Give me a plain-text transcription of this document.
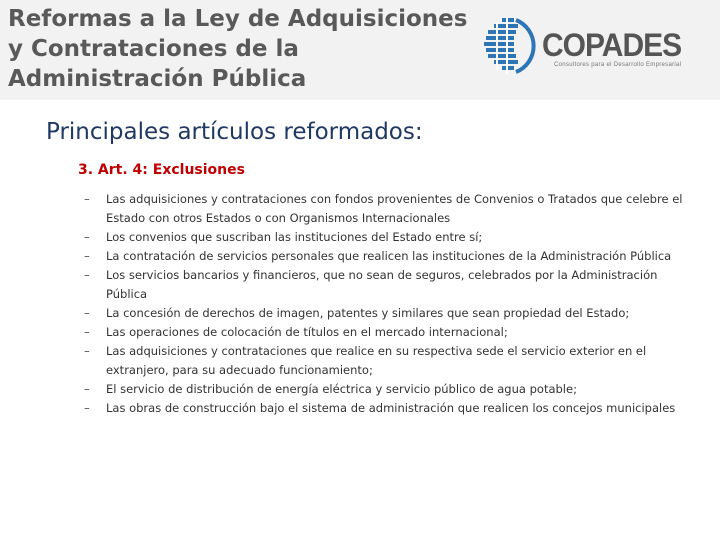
Reformas a la Ley de Adquisiciones y Contrataciones de la Administración Pública
COPADES
Consultores para el Desarrollo Empresarial
Principales artículos reformados:
3. Art. 4: Exclusiones
– Las adquisiciones y contrataciones con fondos provenientes de Convenios o Tratados que celebre el Estado con otros Estados o con Organismos Internacionales
– Los convenios que suscriban las instituciones del Estado entre sí;
– La contratación de servicios personales que realicen las instituciones de la Administración Pública
– Los servicios bancarios y financieros, que no sean de seguros, celebrados por la Administración Pública
– La concesión de derechos de imagen, patentes y similares que sean propiedad del Estado;
– Las operaciones de colocación de títulos en el mercado internacional;
– Las adquisiciones y contrataciones que realice en su respectiva sede el servicio exterior en el extranjero, para su adecuado funcionamiento;
– El servicio de distribución de energía eléctrica y servicio público de agua potable;
– Las obras de construcción bajo el sistema de administración que realicen los concejos municipales
